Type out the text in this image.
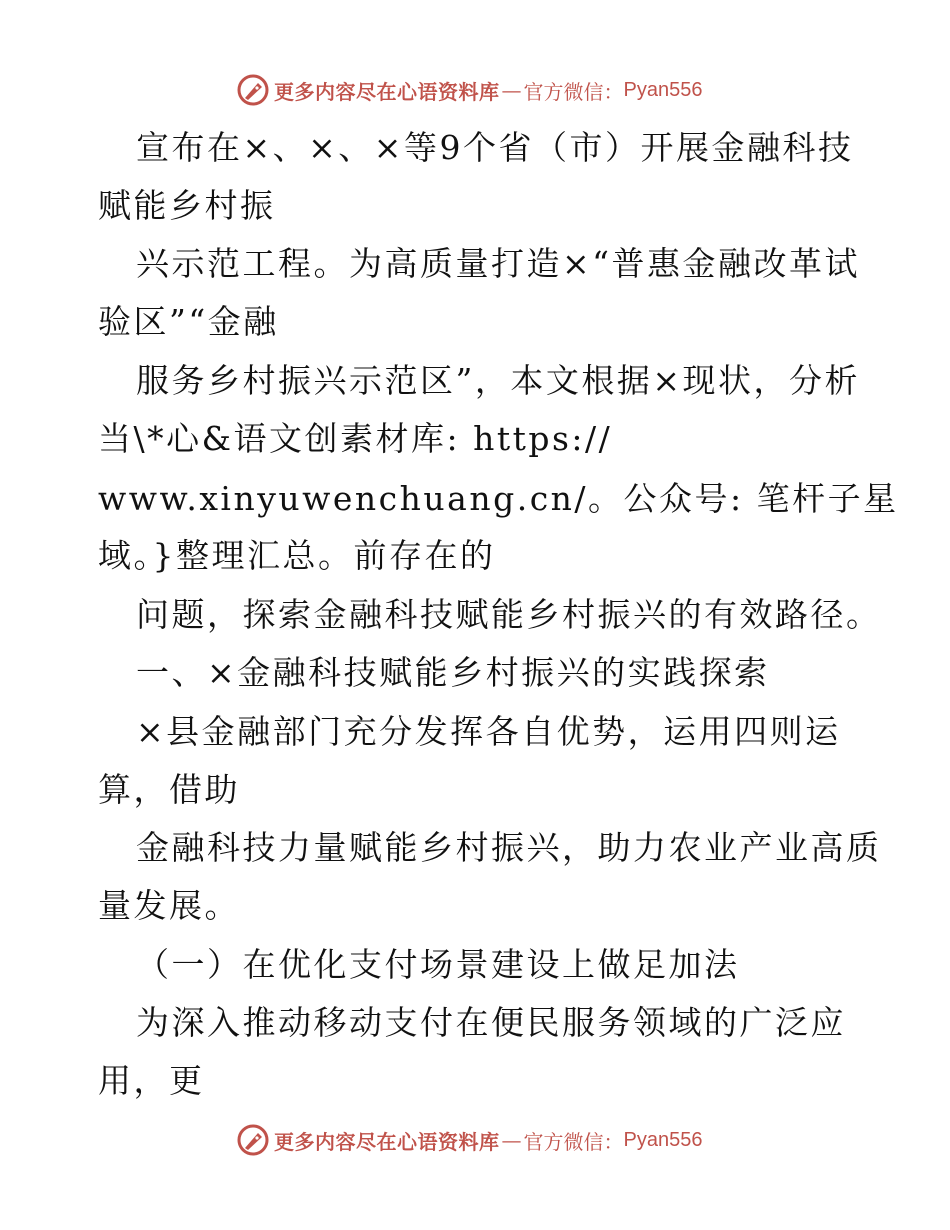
更多内容尽在心语资料库 — 官方微信： Pyan556
宣布在×、×、×等9个省（市）开展金融科技
赋能乡村振
兴示范工程。为高质量打造×“普惠金融改革试
验区”“金融
服务乡村振兴示范区”，本文根据×现状，分析
当\*心&语文创素材库: https://
www.xinyuwenchuang.cn/。公众号: 笔杆子星
域。}整理汇总。前存在的
问题，探索金融科技赋能乡村振兴的有效路径。
一、×金融科技赋能乡村振兴的实践探索
×县金融部门充分发挥各自优势，运用四则运
算，借助
金融科技力量赋能乡村振兴，助力农业产业高质
量发展。
（一）在优化支付场景建设上做足加法
为深入推动移动支付在便民服务领域的广泛应
用，更
更多内容尽在心语资料库 — 官方微信： Pyan556
